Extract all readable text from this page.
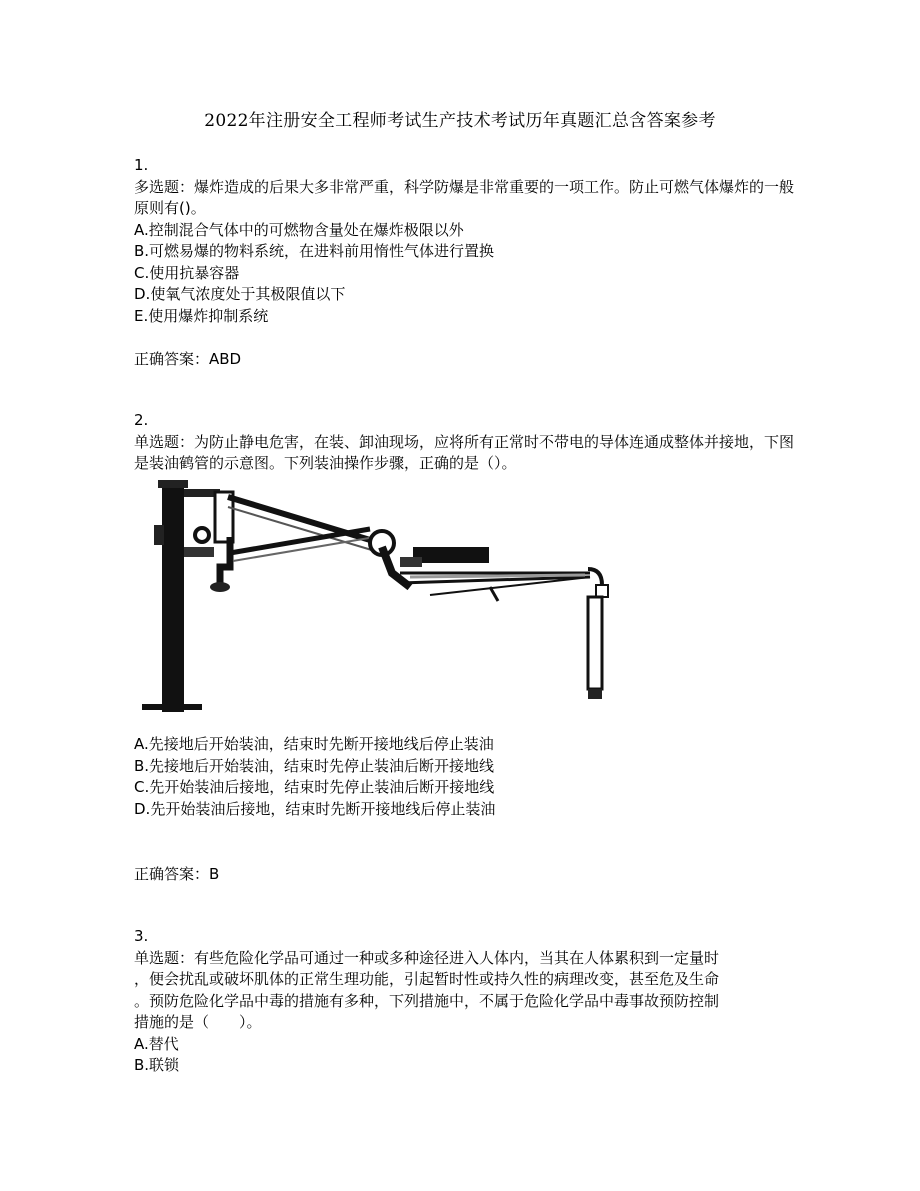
2022年注册安全工程师考试生产技术考试历年真题汇总含答案参考
1.
多选题：爆炸造成的后果大多非常严重，科学防爆是非常重要的一项工作。防止可燃气体爆炸的一般原则有()。
A.控制混合气体中的可燃物含量处在爆炸极限以外
B.可燃易爆的物料系统，在进料前用惰性气体进行置换
C.使用抗暴容器
D.使氧气浓度处于其极限值以下
E.使用爆炸抑制系统
正确答案：ABD
2.
单选题：为防止静电危害，在装、卸油现场，应将所有正常时不带电的导体连通成整体并接地，下图是装油鹤管的示意图。下列装油操作步骤，正确的是（）。
A.先接地后开始装油，结束时先断开接地线后停止装油
B.先接地后开始装油，结束时先停止装油后断开接地线
C.先开始装油后接地，结束时先停止装油后断开接地线
D.先开始装油后接地，结束时先断开接地线后停止装油
正确答案：B
3.
单选题：有些危险化学品可通过一种或多种途径进入人体内，当其在人体累积到一定量时
，便会扰乱或破坏肌体的正常生理功能，引起暂时性或持久性的病理改变，甚至危及生命
。预防危险化学品中毒的措施有多种，下列措施中，不属于危险化学品中毒事故预防控制
措施的是（　　）。
A.替代
B.联锁
